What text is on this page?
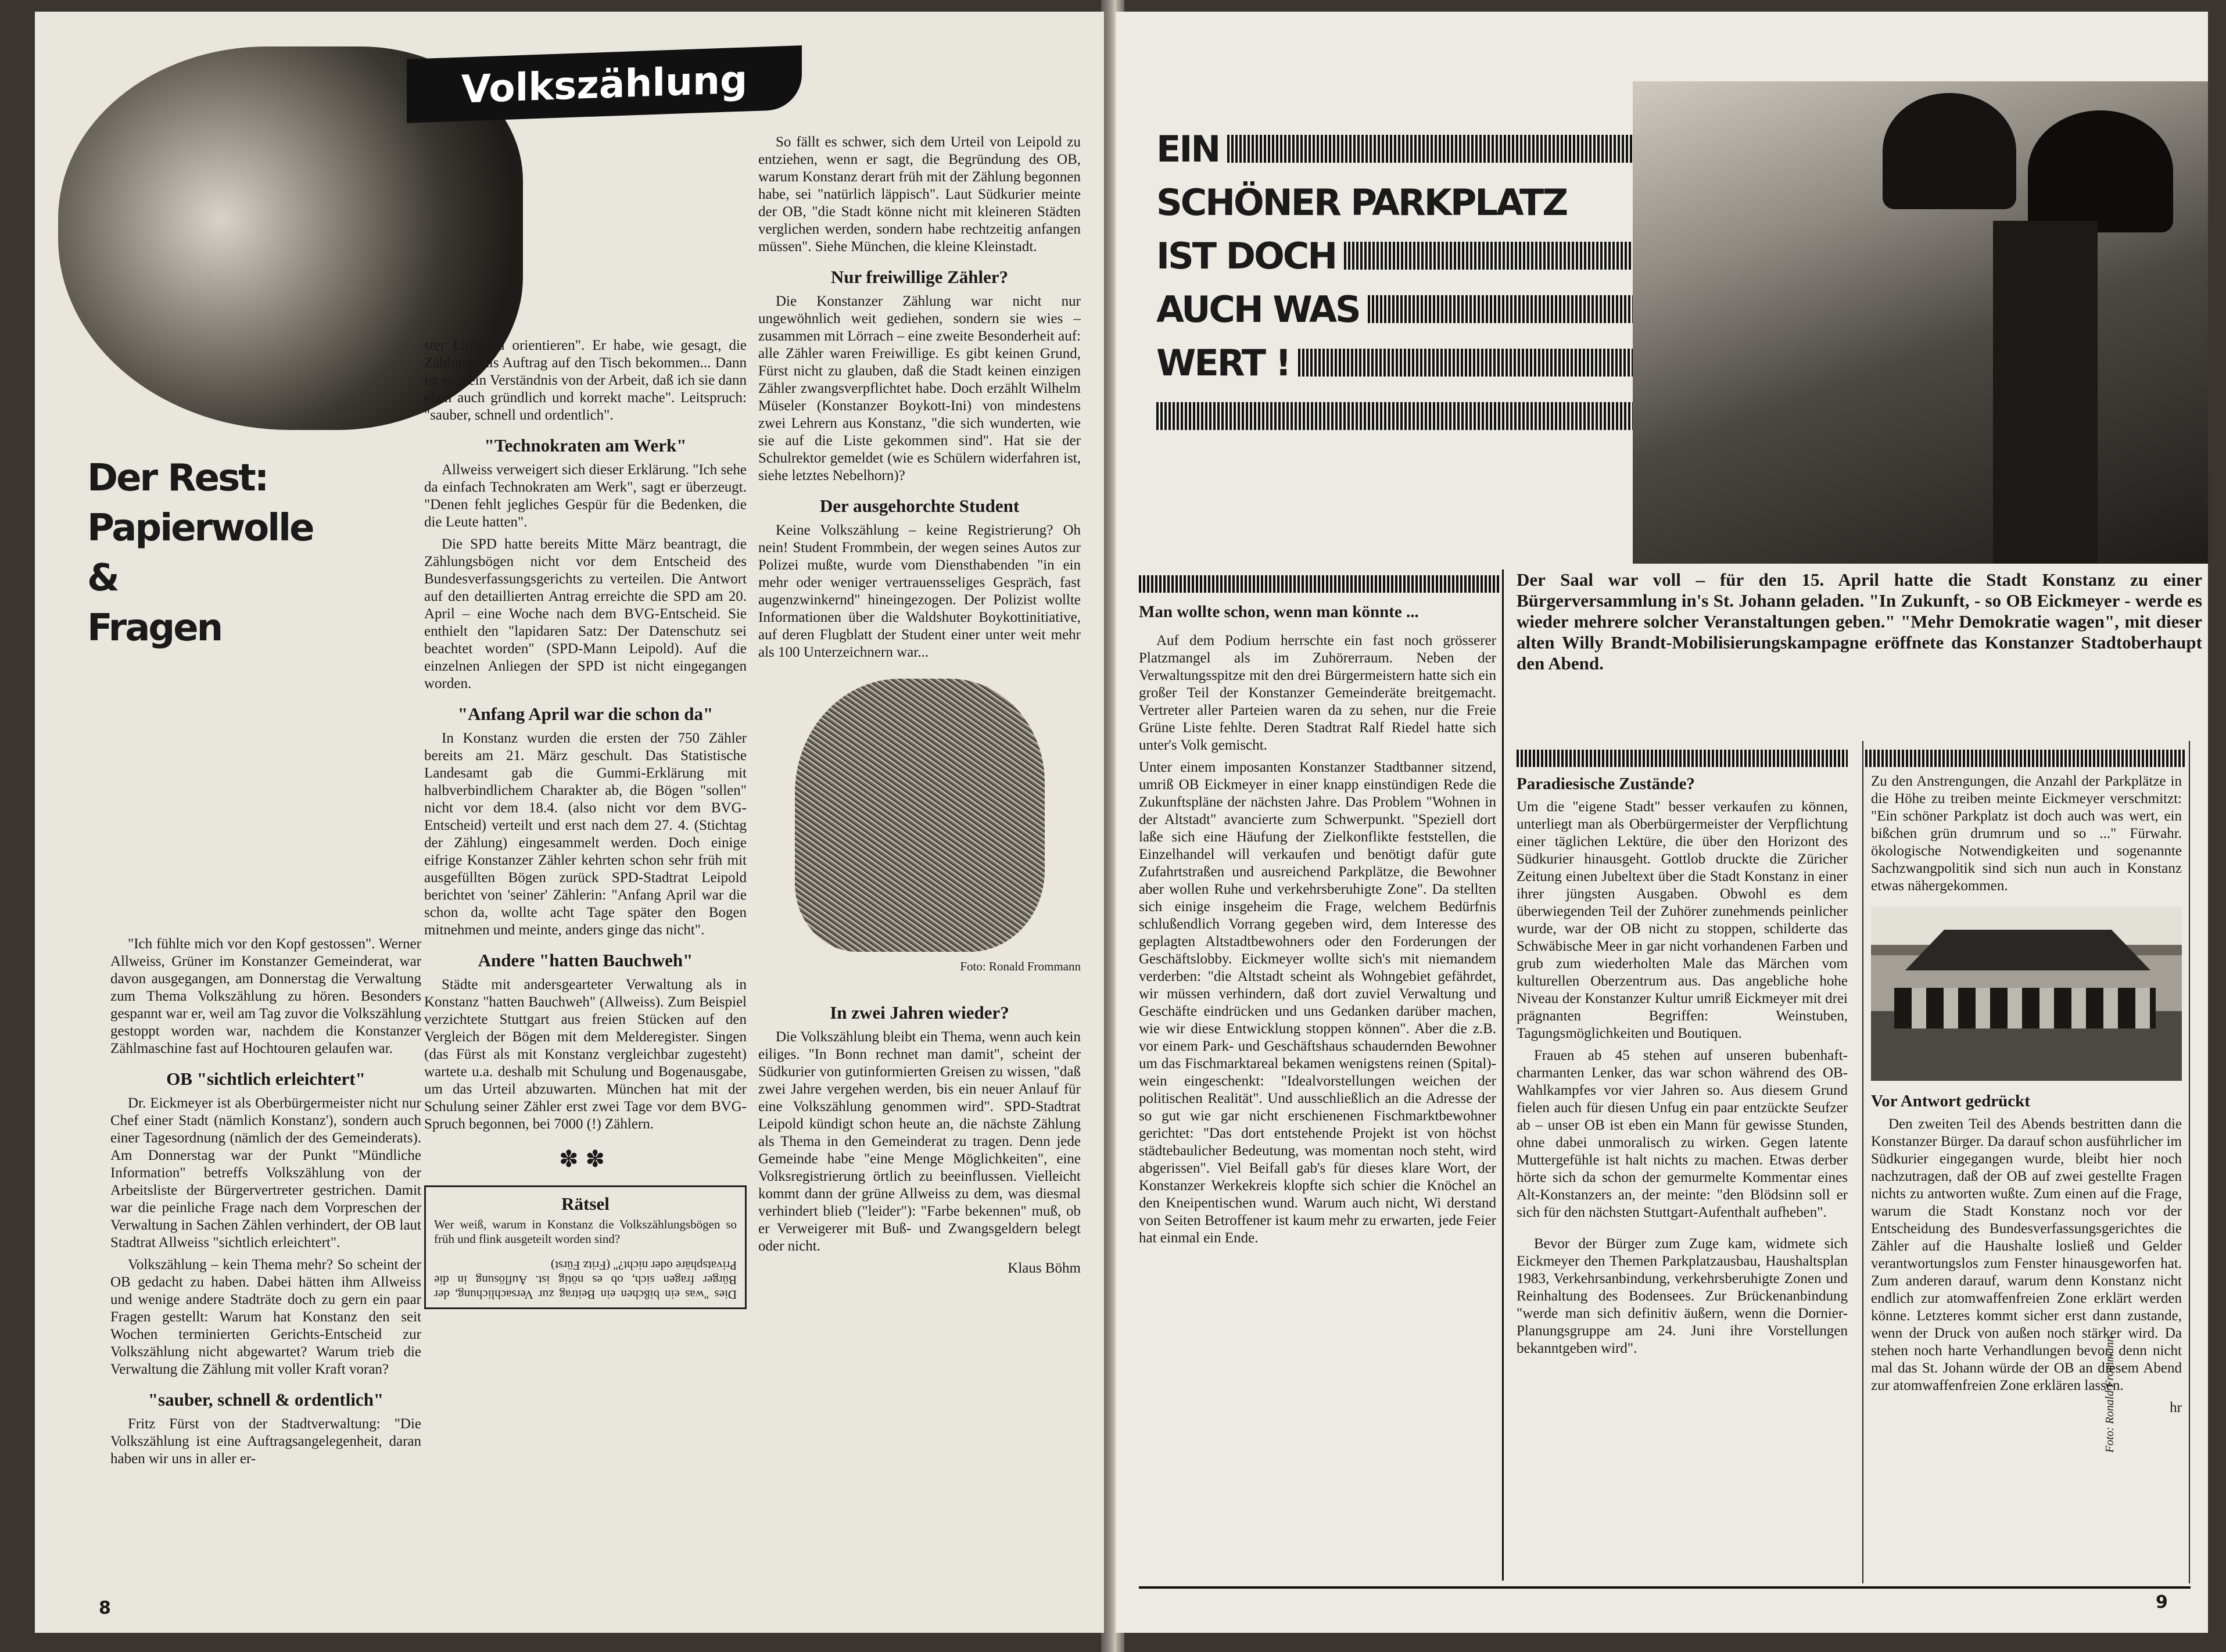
Volkszählung
Der Rest:
Papierwolle
&
Fragen

"Ich fühlte mich vor den Kopf gestossen". Werner Allweiss, Grüner im Konstanzer Gemeinderat, war davon ausgegangen, am Donnerstag die Verwaltung zum Thema Volkszählung zu hören. Besonders gespannt war er, weil am Tag zuvor die Volkszählung gestoppt worden war, nachdem die Konstanzer Zählmaschine fast auf Hochtouren gelaufen war.

OB "sichtlich erleichtert"

Dr. Eickmeyer ist als Oberbürgermeister nicht nur Chef einer Stadt (nämlich Konstanz'), sondern auch einer Tagesordnung (nämlich der des Gemeinderats). Am Donnerstag war der Punkt "Mündliche Information" betreffs Volkszählung von der Arbeitsliste der Bürgervertreter gestrichen. Damit war die peinliche Frage nach dem Vorpreschen der Verwaltung in Sachen Zählen verhindert, der OB laut Stadtrat Allweiss "sichtlich erleichtert".

Volkszählung – kein Thema mehr? So scheint der OB gedacht zu haben. Dabei hätten ihm Allweiss und wenige andere Stadträte doch zu gern ein paar Fragen gestellt: Warum hat Konstanz den seit Wochen terminierten Gerichts-Entscheid zur Volkszählung nicht abgewartet? Warum trieb die Verwaltung die Zählung mit voller Kraft voran?

"sauber, schnell & ordentlich"

Fritz Fürst von der Stadtverwaltung: "Die Volkszählung ist eine Auftragsangelegenheit, daran haben wir uns in aller er-

ster Linie zu orientieren". Er habe, wie gesagt, die Zählung "als Auftrag auf den Tisch bekommen... Dann ist es mein Verständnis von der Arbeit, daß ich sie dann eben auch gründlich und korrekt mache". Leitspruch: "sauber, schnell und ordentlich".

"Technokraten am Werk"

Allweiss verweigert sich dieser Erklärung. "Ich sehe da einfach Technokraten am Werk", sagt er überzeugt. "Denen fehlt jegliches Gespür für die Bedenken, die die Leute hatten".

Die SPD hatte bereits Mitte März beantragt, die Zählungsbögen nicht vor dem Entscheid des Bundesverfassungsgerichts zu verteilen. Die Antwort auf den detaillierten Antrag erreichte die SPD am 20. April – eine Woche nach dem BVG-Entscheid. Sie enthielt den "lapidaren Satz: Der Datenschutz sei beachtet worden" (SPD-Mann Leipold). Auf die einzelnen Anliegen der SPD ist nicht eingegangen worden.

"Anfang April war die schon da"

In Konstanz wurden die ersten der 750 Zähler bereits am 21. März geschult. Das Statistische Landesamt gab die Gummi-Erklärung mit halbverbindlichem Charakter ab, die Bögen "sollen" nicht vor dem 18.4. (also nicht vor dem BVG-Entscheid) verteilt und erst nach dem 27. 4. (Stichtag der Zählung) eingesammelt werden. Doch einige eifrige Konstanzer Zähler kehrten schon sehr früh mit ausgefüllten Bögen zurück SPD-Stadtrat Leipold berichtet von 'seiner' Zählerin: "Anfang April war die schon da, wollte acht Tage später den Bogen mitnehmen und meinte, anders ginge das nicht".

Andere "hatten Bauchweh"

Städte mit andersgearteter Verwaltung als in Konstanz "hatten Bauchweh" (Allweiss). Zum Beispiel verzichtete Stuttgart aus freien Stücken auf den Vergleich der Bögen mit dem Melderegister. Singen (das Fürst als mit Konstanz vergleichbar zugesteht) wartete u.a. deshalb mit Schulung und Bogenausgabe, um das Urteil abzuwarten. München hat mit der Schulung seiner Zähler erst zwei Tage vor dem BVG-Spruch begonnen, bei 7000 (!) Zählern.

✽✽
Rätsel
Wer weiß, warum in Konstanz die Volkszählungsbögen so früh und flink ausgeteilt worden sind?
Dies "was ein bißchen ein Beitrag zur Versachlichung, der Bürger fragen sich, ob es nötig ist. Auflösung in die Privatsphäre oder nicht?" (Fritz Fürst)

So fällt es schwer, sich dem Urteil von Leipold zu entziehen, wenn er sagt, die Begründung des OB, warum Konstanz derart früh mit der Zählung begonnen habe, sei "natürlich läppisch". Laut Südkurier meinte der OB, "die Stadt könne nicht mit kleineren Städten verglichen werden, sondern habe rechtzeitig anfangen müssen". Siehe München, die kleine Kleinstadt.

Nur freiwillige Zähler?

Die Konstanzer Zählung war nicht nur ungewöhnlich weit gediehen, sondern sie wies – zusammen mit Lörrach – eine zweite Besonderheit auf: alle Zähler waren Freiwillige. Es gibt keinen Grund, Fürst nicht zu glauben, daß die Stadt keinen einzigen Zähler zwangsverpflichtet habe. Doch erzählt Wilhelm Müseler (Konstanzer Boykott-Ini) von mindestens zwei Lehrern aus Konstanz, "die sich wunderten, wie sie auf die Liste gekommen sind". Hat sie der Schulrektor gemeldet (wie es Schülern widerfahren ist, siehe letztes Nebelhorn)?

Der ausgehorchte Student

Keine Volkszählung – keine Registrierung? Oh nein! Student Frommbein, der wegen seines Autos zur Polizei mußte, wurde vom Diensthabenden "in ein mehr oder weniger vertrauensseliges Gespräch, fast augenzwinkernd" hineingezogen. Der Polizist wollte Informationen über die Waldshuter Boykottinitiative, auf deren Flugblatt der Student einer unter weit mehr als 100 Unterzeichnern war...

Foto: Ronald Frommann
In zwei Jahren wieder?

Die Volkszählung bleibt ein Thema, wenn auch kein eiliges. "In Bonn rechnet man damit", scheint der Südkurier von gutinformierten Greisen zu wissen, "daß zwei Jahre vergehen werden, bis ein neuer Anlauf für eine Volkszählung genommen wird". SPD-Stadtrat Leipold kündigt schon heute an, die nächste Zählung als Thema in den Gemeinderat zu tragen. Denn jede Gemeinde habe "eine Menge Möglichkeiten", eine Volksregistrierung örtlich zu beeinflussen. Vielleicht kommt dann der grüne Allweiss zu dem, was diesmal verhindert blieb ("leider"): "Farbe bekennen" muß, ob er Verweigerer mit Buß- und Zwangsgeldern belegt oder nicht.

Klaus Böhm
8
EIN
SCHÖNER PARKPLATZ
IST DOCH
AUCH WAS
WERT !
Der Saal war voll – für den 15. April hatte die Stadt Konstanz zu einer Bürgerversammlung in's St. Johann geladen. "In Zukunft, - so OB Eickmeyer - werde es wieder mehrere solcher Veranstaltungen geben." "Mehr Demokratie wagen", mit dieser alten Willy Brandt-Mobilisierungskampagne eröffnete das Konstanzer Stadtoberhaupt den Abend.
Man wollte schon, wenn man könnte ...

Auf dem Podium herrschte ein fast noch grösserer Platzmangel als im Zuhörerraum. Neben der Verwaltungsspitze mit den drei Bürgermeistern hatte sich ein großer Teil der Konstanzer Gemeinderäte breitgemacht. Vertreter aller Parteien waren da zu sehen, nur die Freie Grüne Liste fehlte. Deren Stadtrat Ralf Riedel hatte sich unter's Volk gemischt.

Unter einem imposanten Konstanzer Stadtbanner sitzend, umriß OB Eickmeyer in einer knapp einstündigen Rede die Zukunftspläne der nächsten Jahre. Das Problem "Wohnen in der Altstadt" avancierte zum Schwerpunkt. "Speziell dort laße sich eine Häufung der Zielkonflikte feststellen, die Einzelhandel will verkaufen und benötigt dafür gute Zufahrtstraßen und ausreichend Parkplätze, die Bewohner aber wollen Ruhe und verkehrsberuhigte Zone". Da stellten sich einige insgeheim die Frage, welchem Bedürfnis schlußendlich Vorrang gegeben wird, dem Interesse des geplagten Altstadtbewohners oder den Forderungen der Geschäftslobby. Eickmeyer wollte sich's mit niemandem verderben: "die Altstadt scheint als Wohngebiet gefährdet, wir müssen verhindern, daß dort zuviel Verwaltung und Geschäfte eindrücken und uns Gedanken darüber machen, wie wir diese Entwicklung stoppen können". Aber die z.B. vor einem Park- und Geschäftshaus schaudernden Bewohner um das Fischmarktareal bekamen wenigstens reinen (Spital)-wein eingeschenkt: "Idealvorstellungen weichen der politischen Realität". Und ausschließlich an die Adresse der so gut wie gar nicht erschienenen Fischmarktbewohner gerichtet: "Das dort entstehende Projekt ist von höchst städtebaulicher Bedeutung, was momentan noch steht, wird abgerissen". Viel Beifall gab's für dieses klare Wort, der Konstanzer Werkekreis klopfte sich schier die Knöchel an den Kneipentischen wund. Warum auch nicht, Wi derstand von Seiten Betroffener ist kaum mehr zu erwarten, jede Feier hat einmal ein Ende.

Paradiesische Zustände?

Um die "eigene Stadt" besser verkaufen zu können, unterliegt man als Oberbürgermeister der Verpflichtung einer täglichen Lektüre, die über den Horizont des Südkurier hinausgeht. Gottlob druckte die Züricher Zeitung einen Jubeltext über die Stadt Konstanz in einer ihrer jüngsten Ausgaben. Obwohl es dem überwiegenden Teil der Zuhörer zunehmends peinlicher wurde, war der OB nicht zu stoppen, schilderte das Schwäbische Meer in gar nicht vorhandenen Farben und grub zum wiederholten Male das Märchen vom kulturellen Oberzentrum aus. Das angebliche hohe Niveau der Konstanzer Kultur umriß Eickmeyer mit drei prägnanten Begriffen: Weinstuben, Tagungsmöglichkeiten und Boutiquen.

Frauen ab 45 stehen auf unseren bubenhaft-charmanten Lenker, das war schon während des OB-Wahlkampfes vor vier Jahren so. Aus diesem Grund fielen auch für diesen Unfug ein paar entzückte Seufzer ab – unser OB ist eben ein Mann für gewisse Stunden, ohne dabei unmoralisch zu wirken. Gegen latente Muttergefühle ist halt nichts zu machen. Etwas derber hörte sich da schon der gemurmelte Kommentar eines Alt-Konstanzers an, der meinte: "den Blödsinn soll er sich für den nächsten Stuttgart-Aufenthalt aufheben".

Bevor der Bürger zum Zuge kam, widmete sich Eickmeyer den Themen Parkplatzausbau, Haushaltsplan 1983, Verkehrsanbindung, verkehrsberuhigte Zonen und Reinhaltung des Bodensees. Zur Brückenanbindung "werde man sich definitiv äußern, wenn die Dornier-Planungsgruppe am 24. Juni ihre Vorstellungen bekanntgeben wird".

Zu den Anstrengungen, die Anzahl der Parkplätze in die Höhe zu treiben meinte Eickmeyer verschmitzt: "Ein schöner Parkplatz ist doch auch was wert, ein bißchen grün drumrum und so ..." Fürwahr. ökologische Notwendigkeiten und sogenannte Sachzwangpolitik sind sich nun auch in Konstanz etwas nähergekommen.

Vor Antwort gedrückt

Den zweiten Teil des Abends bestritten dann die Konstanzer Bürger. Da darauf schon ausführlicher im Südkurier eingegangen wurde, bleibt hier noch nachzutragen, daß der OB auf zwei gestellte Fragen nichts zu antworten wußte. Zum einen auf die Frage, warum die Stadt Konstanz noch vor der Entscheidung des Bundesverfassungsgerichtes die Zähler auf die Haushalte losließ und Gelder verantwortungslos zum Fenster hinausgeworfen hat. Zum anderen darauf, warum denn Konstanz nicht endlich zur atomwaffenfreien Zone erklärt werden könne. Letzteres kommt sicher erst dann zustande, wenn der Druck von außen noch stärker wird. Da stehen noch harte Verhandlungen bevor, denn nicht mal das St. Johann würde der OB an diesem Abend zur atomwaffenfreien Zone erklären lassen.

hr
Foto: Ronald Frommann
9
